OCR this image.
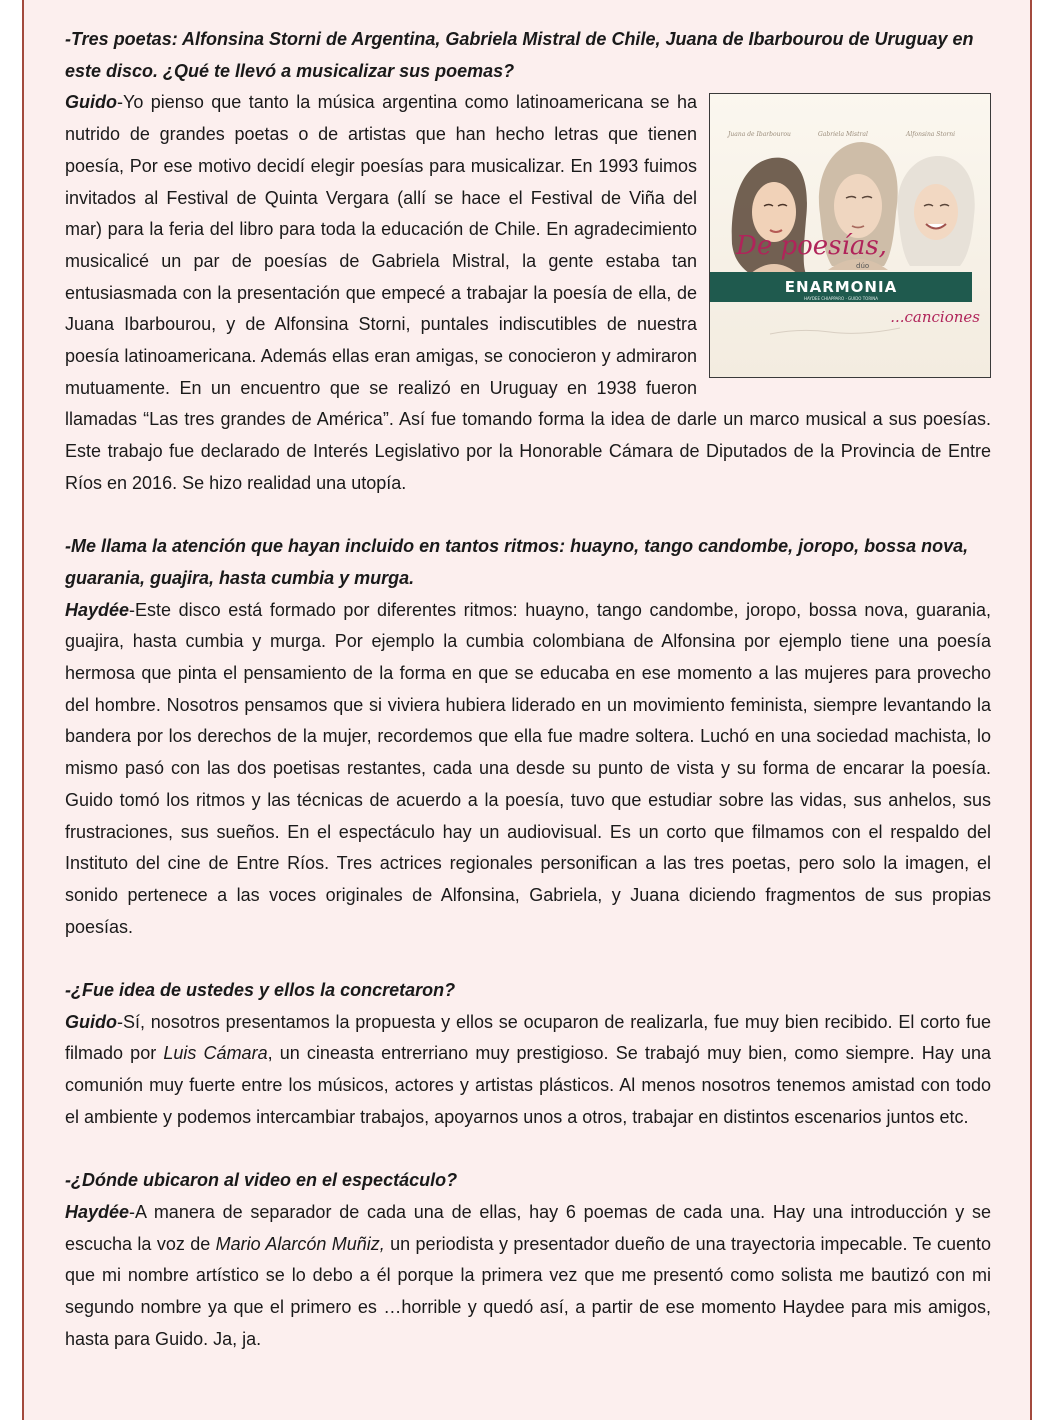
-Tres poetas: Alfonsina Storni de Argentina, Gabriela Mistral de Chile, Juana de Ibarbourou de Uruguay en este disco. ¿Qué te llevó a musicalizar sus poemas?

Juana de Ibarbourou	Gabriela Mistral	Alfonsina Storni
De poesías,
dúo
ENARMONIA
HAYDEE CHIAPPARO · GUIDO TORINA
...canciones
Guido-Yo pienso que tanto la música argentina como latinoamericana se ha nutrido de grandes poetas o de artistas que han hecho letras que tienen poesía, Por ese motivo decidí elegir poesías para musicalizar. En 1993 fuimos invitados al Festival de Quinta Vergara (allí se hace el Festival de Viña del mar) para la feria del libro para toda la educación de Chile. En agradecimiento musicalicé un par de poesías de Gabriela Mistral, la gente estaba tan entusiasmada con la presentación que empecé a trabajar la poesía de ella, de Juana Ibarbourou, y de Alfonsina Storni, puntales indiscutibles de nuestra poesía latinoamericana. Además ellas eran amigas, se conocieron y admiraron mutuamente. En un encuentro que se realizó en Uruguay en 1938 fueron llamadas “Las tres grandes de América”. Así fue tomando forma la idea de darle un marco musical a sus poesías. Este trabajo fue declarado de Interés Legislativo por la Honorable Cámara de Diputados de la Provincia de Entre Ríos en 2016. Se hizo realidad una utopía.

-Me llama la atención que hayan incluido en tantos ritmos: huayno, tango candombe, joropo, bossa nova, guarania, guajira, hasta cumbia y murga.

Haydée-Este disco está formado por diferentes ritmos: huayno, tango candombe, joropo, bossa nova, guarania, guajira, hasta cumbia y murga. Por ejemplo la cumbia colombiana de Alfonsina por ejemplo tiene una poesía hermosa que pinta el pensamiento de la forma en que se educaba en ese momento a las mujeres para provecho del hombre. Nosotros pensamos que si viviera hubiera liderado en un movimiento feminista, siempre levantando la bandera por los derechos de la mujer, recordemos que ella fue madre soltera. Luchó en una sociedad machista, lo mismo pasó con las dos poetisas restantes, cada una desde su punto de vista y su forma de encarar la poesía. Guido tomó los ritmos y las técnicas de acuerdo a la poesía, tuvo que estudiar sobre las vidas, sus anhelos, sus frustraciones, sus sueños. En el espectáculo hay un audiovisual. Es un corto que filmamos con el respaldo del Instituto del cine de Entre Ríos. Tres actrices regionales personifican a las tres poetas, pero solo la imagen, el sonido pertenece a las voces originales de Alfonsina, Gabriela, y Juana diciendo fragmentos de sus propias poesías.

-¿Fue idea de ustedes y ellos la concretaron?

Guido-Sí, nosotros presentamos la propuesta y ellos se ocuparon de realizarla, fue muy bien recibido. El corto fue filmado por Luis Cámara, un cineasta entrerriano muy prestigioso. Se trabajó muy bien, como siempre. Hay una comunión muy fuerte entre los músicos, actores y artistas plásticos. Al menos nosotros tenemos amistad con todo el ambiente y podemos intercambiar trabajos, apoyarnos unos a otros, trabajar en distintos escenarios juntos etc.

-¿Dónde ubicaron al video en el espectáculo?

Haydée-A manera de separador de cada una de ellas, hay 6 poemas de cada una. Hay una introducción y se escucha la voz de Mario Alarcón Muñiz, un periodista y presentador dueño de una trayectoria impecable. Te cuento que mi nombre artístico se lo debo a él porque la primera vez que me presentó como solista me bautizó con mi segundo nombre ya que el primero es …horrible y quedó así, a partir de ese momento Haydee para mis amigos, hasta para Guido. Ja, ja.
